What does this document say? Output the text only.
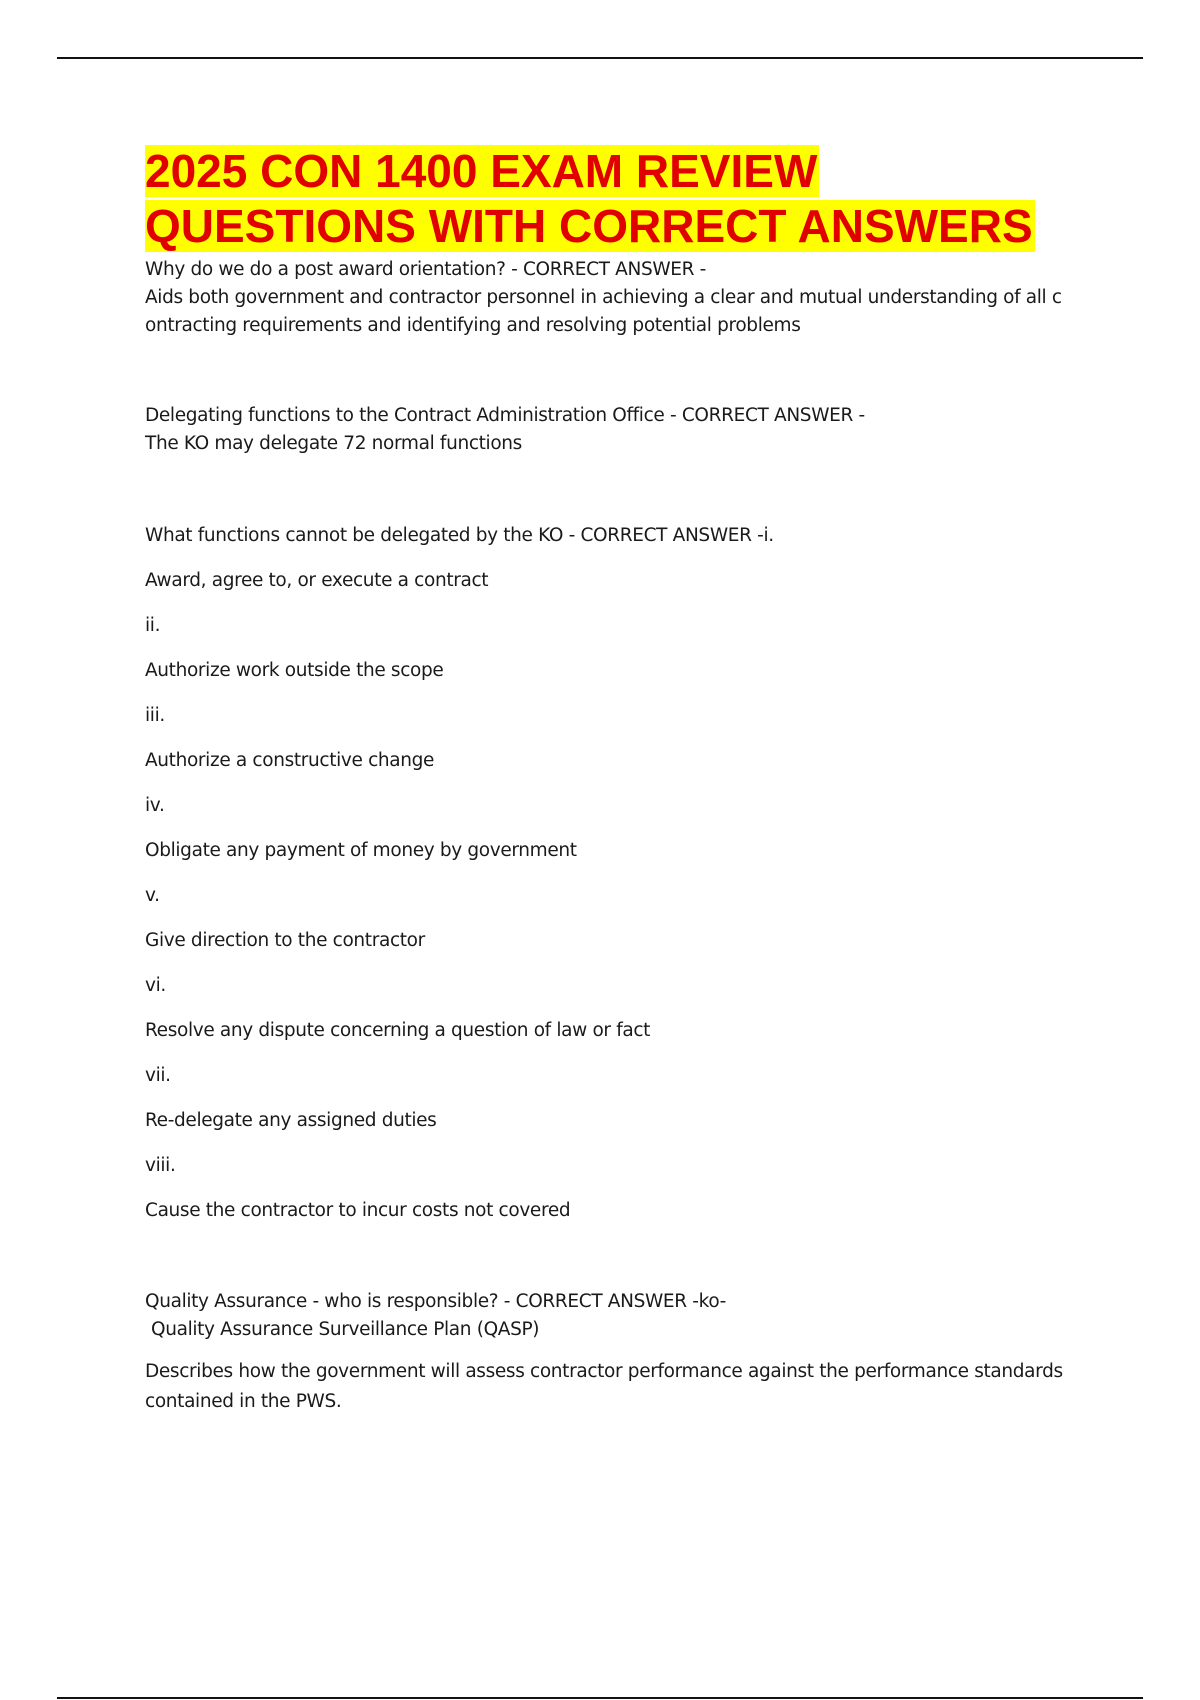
2025 CON 1400 EXAM REVIEW
QUESTIONS WITH CORRECT ANSWERS
Why do we do a post award orientation? - CORRECT ANSWER -
Aids both government and contractor personnel in achieving a clear and mutual understanding of all c
ontracting requirements and identifying and resolving potential problems
Delegating functions to the Contract Administration Office - CORRECT ANSWER -
The KO may delegate 72 normal functions
What functions cannot be delegated by the KO - CORRECT ANSWER -i.
Award, agree to, or execute a contract
ii.
Authorize work outside the scope
iii.
Authorize a constructive change
iv.
Obligate any payment of money by government
v.
Give direction to the contractor
vi.
Resolve any dispute concerning a question of law or fact
vii.
Re-delegate any assigned duties
viii.
Cause the contractor to incur costs not covered
Quality Assurance - who is responsible? - CORRECT ANSWER -ko-
Quality Assurance Surveillance Plan (QASP)
Describes how the government will assess contractor performance against the performance standards contained in the PWS.
